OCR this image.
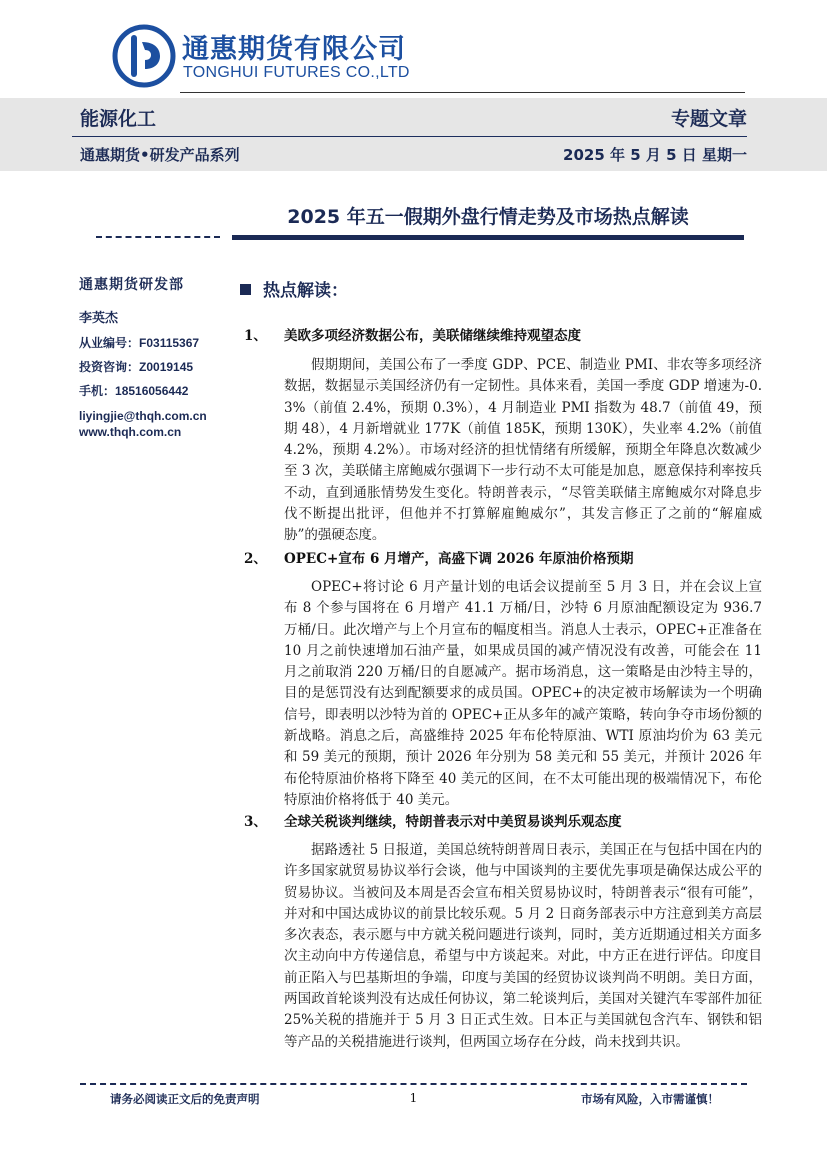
通惠期货有限公司
TONGHUI FUTURES CO.,LTD
能源化工	专题文章
通惠期货•研发产品系列	2025 年 5 月 5 日 星期一
2025 年五一假期外盘行情走势及市场热点解读
通惠期货研发部
李英杰
从业编号：F03115367
投资咨询：Z0019145
手机：18516056442
liyingjie@thqh.com.cn
www.thqh.com.cn
热点解读：
1、 美欧多项经济数据公布，美联储继续维持观望态度
假期期间，美国公布了一季度 GDP、PCE、制造业 PMI、非农等多项经济数据，数据显示美国经济仍有一定韧性。具体来看，美国一季度 GDP 增速为-0.3%（前值 2.4%，预期 0.3%），4 月制造业 PMI 指数为 48.7（前值 49，预期 48），4 月新增就业 177K（前值 185K，预期 130K），失业率 4.2%（前值 4.2%，预期 4.2%）。市场对经济的担忧情绪有所缓解，预期全年降息次数减少至 3 次，美联储主席鲍威尔强调下一步行动不太可能是加息，愿意保持利率按兵不动，直到通胀情势发生变化。特朗普表示，“尽管美联储主席鲍威尔对降息步伐不断提出批评，但他并不打算解雇鲍威尔”，其发言修正了之前的“解雇威胁”的强硬态度。
2、 OPEC+宣布 6 月增产，高盛下调 2026 年原油价格预期
OPEC+将讨论 6 月产量计划的电话会议提前至 5 月 3 日，并在会议上宣布 8 个参与国将在 6 月增产 41.1 万桶/日，沙特 6 月原油配额设定为 936.7 万桶/日。此次增产与上个月宣布的幅度相当。消息人士表示，OPEC+正准备在 10 月之前快速增加石油产量，如果成员国的减产情况没有改善，可能会在 11 月之前取消 220 万桶/日的自愿减产。据市场消息，这一策略是由沙特主导的，目的是惩罚没有达到配额要求的成员国。OPEC+的决定被市场解读为一个明确信号，即表明以沙特为首的 OPEC+正从多年的减产策略，转向争夺市场份额的新战略。消息之后，高盛维持 2025 年布伦特原油、WTI 原油均价为 63 美元和 59 美元的预期，预计 2026 年分别为 58 美元和 55 美元，并预计 2026 年布伦特原油价格将下降至 40 美元的区间，在不太可能出现的极端情况下，布伦特原油价格将低于 40 美元。
3、 全球关税谈判继续，特朗普表示对中美贸易谈判乐观态度
据路透社 5 日报道，美国总统特朗普周日表示，美国正在与包括中国在内的许多国家就贸易协议举行会谈，他与中国谈判的主要优先事项是确保达成公平的贸易协议。当被问及本周是否会宣布相关贸易协议时，特朗普表示“很有可能”，并对和中国达成协议的前景比较乐观。5 月 2 日商务部表示中方注意到美方高层多次表态，表示愿与中方就关税问题进行谈判，同时，美方近期通过相关方面多次主动向中方传递信息，希望与中方谈起来。对此，中方正在进行评估。印度目前正陷入与巴基斯坦的争端，印度与美国的经贸协议谈判尚不明朗。美日方面，两国政首轮谈判没有达成任何协议，第二轮谈判后，美国对关键汽车零部件加征 25%关税的措施并于 5 月 3 日正式生效。日本正与美国就包含汽车、钢铁和铝等产品的关税措施进行谈判，但两国立场存在分歧，尚未找到共识。
请务必阅读正文后的免责声明	1	市场有风险，入市需谨慎！
